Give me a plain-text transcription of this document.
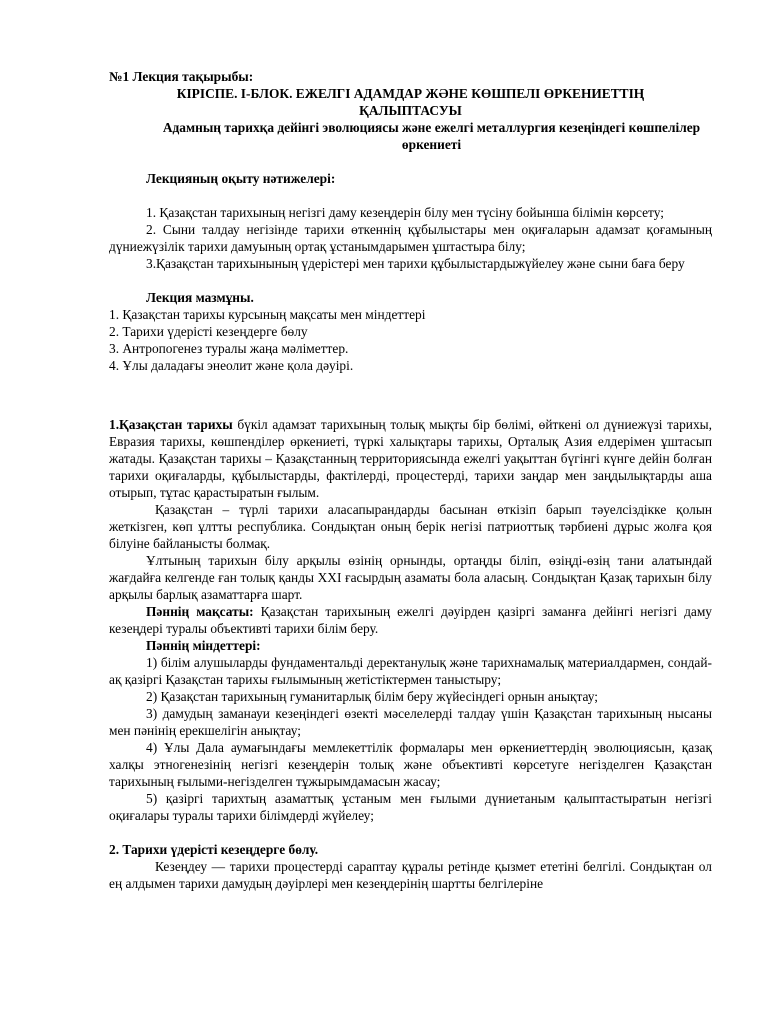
№1 Лекция тақырыбы:

КІРІСПЕ. І-БЛОК. ЕЖЕЛГІ АДАМДАР ЖӘНЕ КӨШПЕЛІ ӨРКЕНИЕТТІҢ

ҚАЛЫПТАСУЫ

Адамның тарихқа дейінгі эволюциясы және ежелгі металлургия кезеңіндегі көшпелілер өркениеті

Лекцияның оқыту нәтижелері:

1. Қазақстан тарихының негізгі даму кезеңдерін білу мен түсіну бойынша білімін көрсету;

2. Сыни талдау негізінде тарихи өткеннің құбылыстары мен оқиғаларын адамзат қоғамының дүниежүзілік тарихи дамуының ортақ ұстанымдарымен ұштастыра білу;

3.Қазақстан тарихынының үдерістері мен тарихи құбылыстардыжүйелеу және сыни баға беру

Лекция мазмұны.

1. Қазақстан тарихы курсының мақсаты мен міндеттері

2. Тарихи үдерісті кезеңдерге бөлу

3. Антропогенез туралы жаңа мәліметтер.

4. Ұлы даладағы энеолит және қола дәуірі.

1.Қазақстан тарихы бүкіл адамзат тарихының толық мықты бір бөлімі, өйткені ол дүниежүзі тарихы, Евразия тарихы, көшпенділер өркениеті, түркі халықтары тарихы, Орталық Азия елдерімен ұштасып жатады. Қазақстан тарихы – Қазақстанның территориясында ежелгі уақыттан бүгінгі күнге дейін болған тарихи оқиғаларды, құбылыстарды, фактілерді, процестерді, тарихи заңдар мен заңдылықтарды аша отырып, тұтас қарастыратын ғылым.

Қазақстан – түрлі тарихи аласапырандарды басынан өткізіп барып тәуелсіздікке қолын жеткізген, көп ұлтты республика. Сондықтан оның берік негізі патриоттық тәрбиені дұрыс жолға қоя білуіне байланысты болмақ.

Ұлтының тарихын білу арқылы өзінің орнынды, ортаңды біліп, өзіңді-өзің тани алатындай жағдайға келгенде ған толық қанды XXI ғасырдың азаматы бола аласың. Сондықтан Қазақ тарихын білу арқылы барлық азаматтарға шарт.

Пәннің мақсаты: Қазақстан тарихының ежелгі дәуірден қазіргі заманға дейінгі негізгі даму кезеңдері туралы объективті тарихи білім беру.

Пәннің міндеттері:

1) білім алушыларды фундаментальді деректанулық және тарихнамалық материалдармен, сондай-ақ қазіргі Қазақстан тарихы ғылымының жетістіктермен таныстыру;

2) Қазақстан тарихының гуманитарлық білім беру жүйесіндегі орнын анықтау;

3) дамудың заманауи кезеңіндегі өзекті мәселелерді талдау үшін Қазақстан тарихының нысаны мен пәнінің ерекшелігін анықтау;

4) Ұлы Дала аумағындағы мемлекеттілік формалары мен өркениеттердің эволюциясын, қазақ халқы этногенезінің негізгі кезеңдерін толық және объективті көрсетуге негізделген Қазақстан тарихының ғылыми-негізделген тұжырымдамасын жасау;

5) қазіргі тарихтың азаматтық ұстаным мен ғылыми дүниетаным қалыптастыратын негізгі оқиғалары туралы тарихи білімдерді жүйелеу;

2. Тарихи үдерісті кезеңдерге бөлу.

Кезеңдеу — тарихи процестерді сараптау құралы ретінде қызмет ететіні белгілі. Сондықтан ол ең алдымен тарихи дамудың дәуірлері мен кезеңдерінің шартты белгілеріне
